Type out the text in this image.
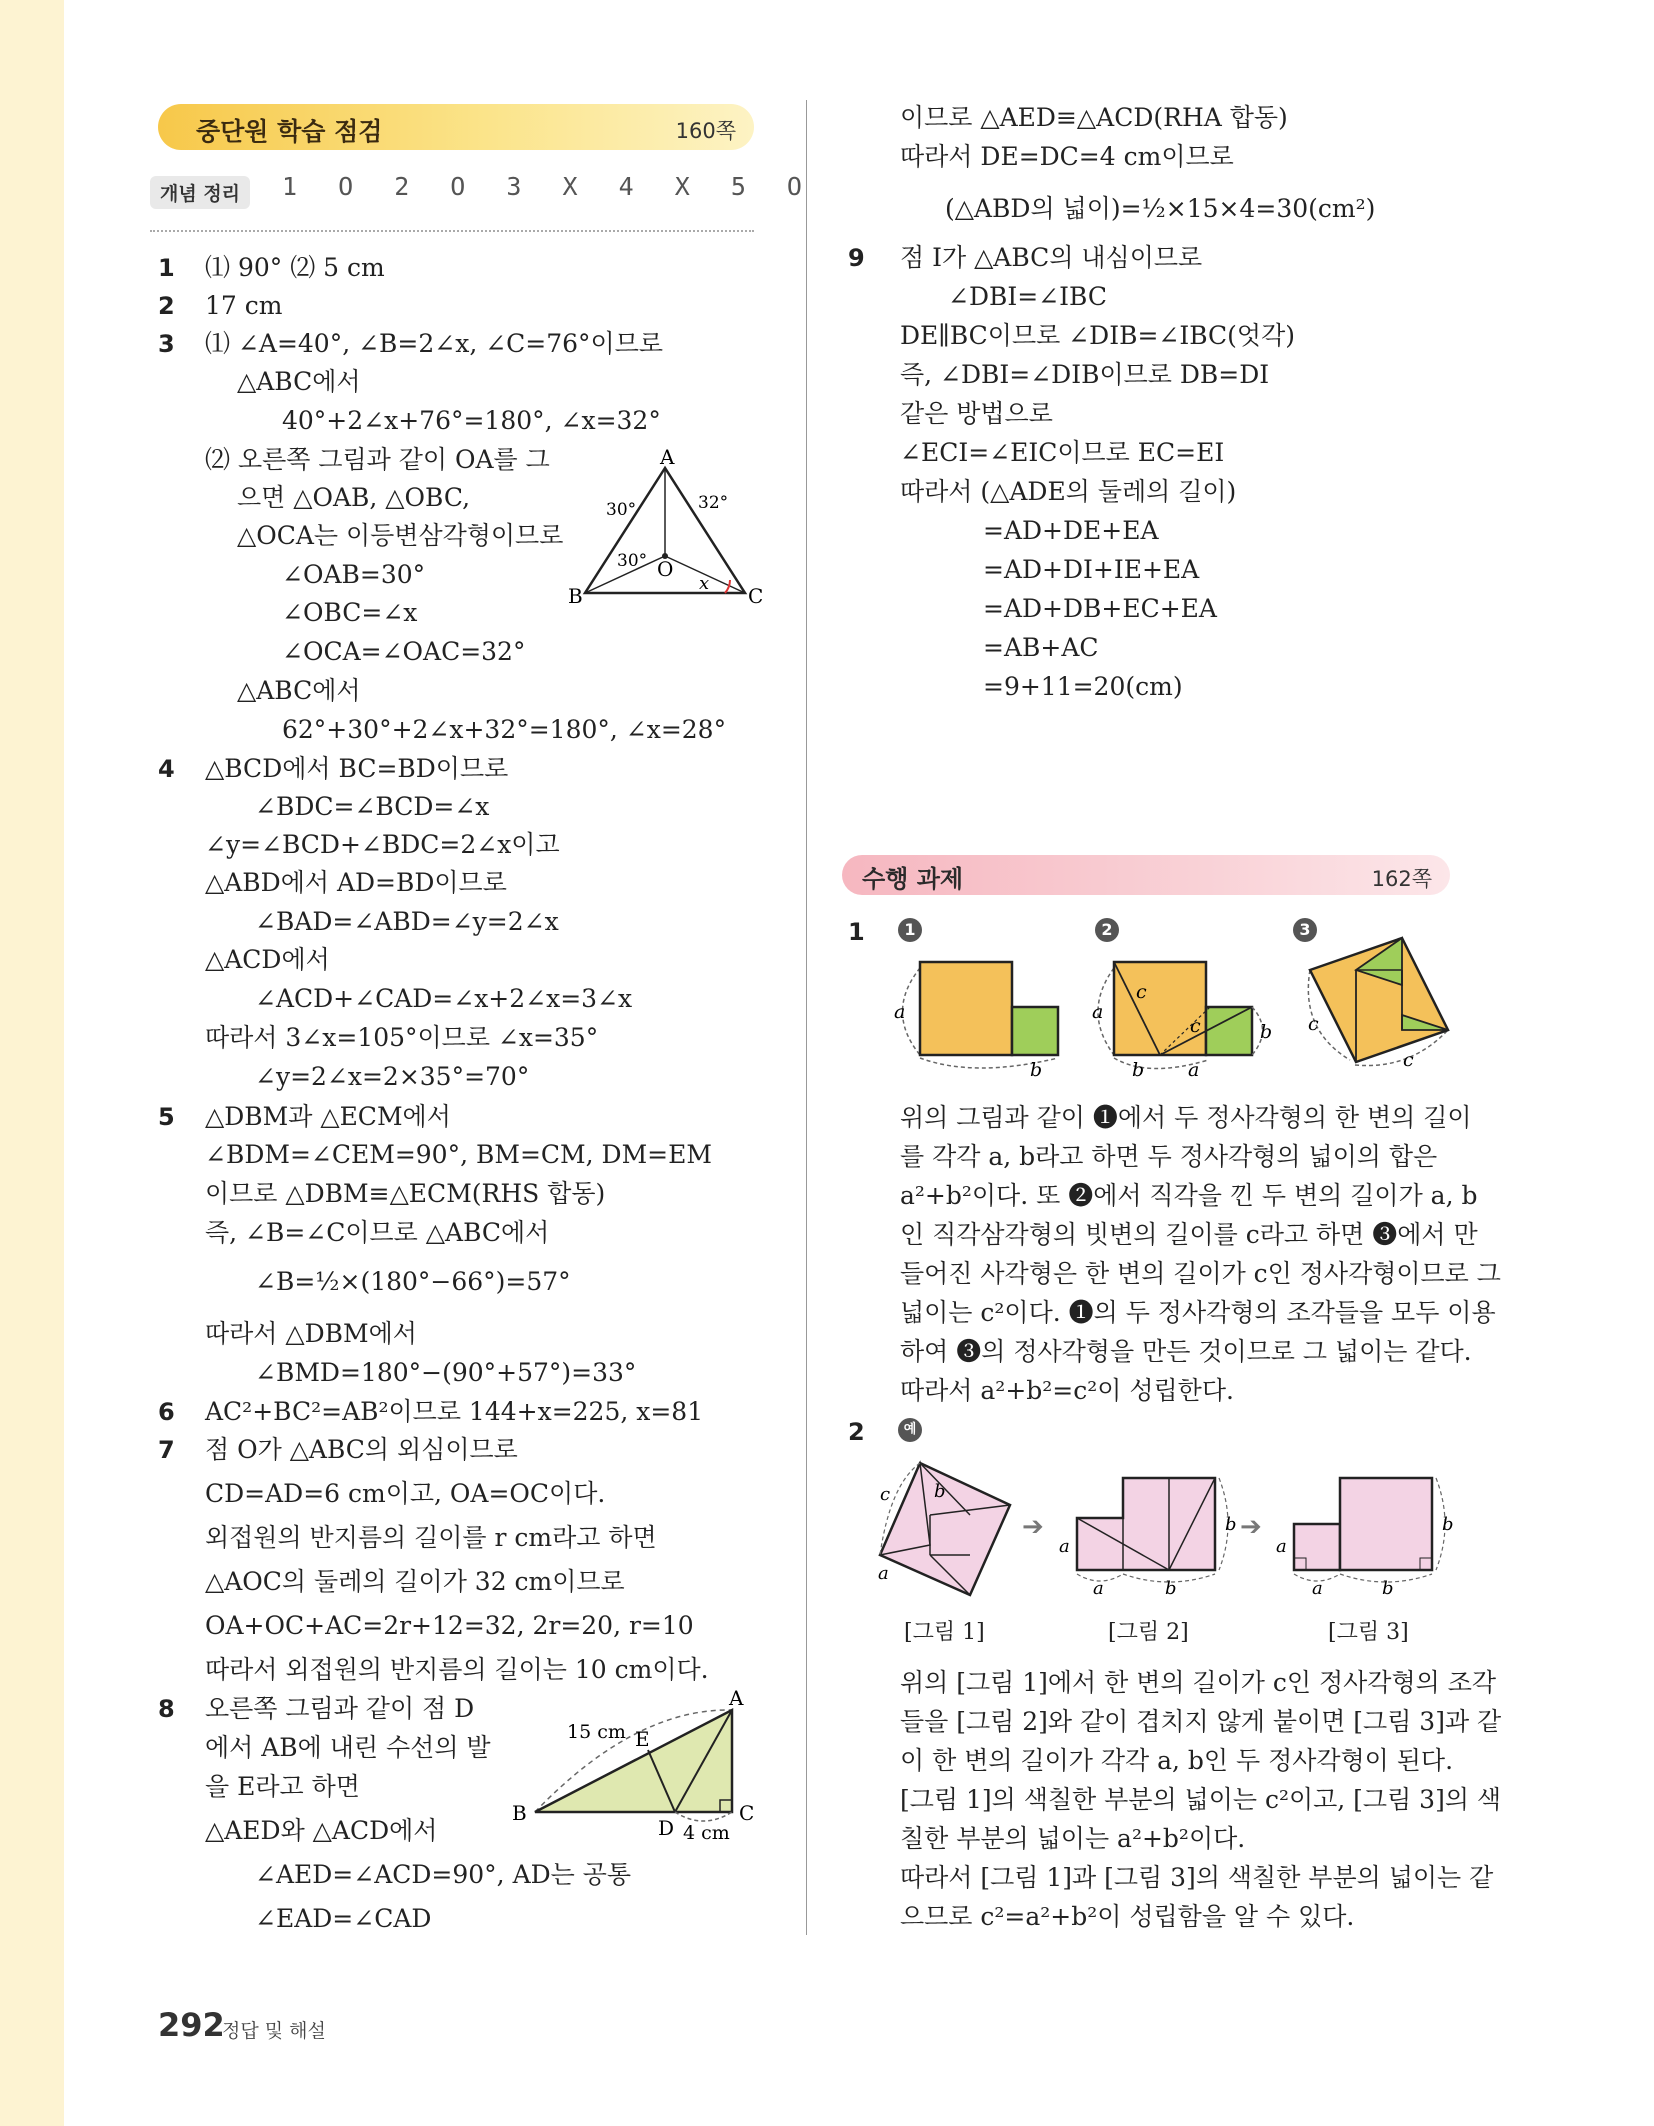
중단원 학습 점검	160쪽
개념 정리	1 O 2 O 3 X 4 X 5 O
1
2
3
4
5
6
7
8
⑴ 90° ⑵ 5 cm
17 cm
⑴ ∠A=40°, ∠B=2∠x, ∠C=76°이므로
△ABC에서
40°+2∠x+76°=180°, ∠x=32°
⑵ 오른쪽 그림과 같이 OA를 그
으면 △OAB, △OBC,
△OCA는 이등변삼각형이므로
∠OAB=30°
∠OBC=∠x
∠OCA=∠OAC=32°
△ABC에서
62°+30°+2∠x+32°=180°, ∠x=28°
△BCD에서 BC=BD이므로
∠BDC=∠BCD=∠x
∠y=∠BCD+∠BDC=2∠x이고
△ABD에서 AD=BD이므로
∠BAD=∠ABD=∠y=2∠x
△ACD에서
∠ACD+∠CAD=∠x+2∠x=3∠x
따라서 3∠x=105°이므로 ∠x=35°
∠y=2∠x=2×35°=70°
△DBM과 △ECM에서
∠BDM=∠CEM=90°, BM=CM, DM=EM
이므로 △DBM≡△ECM(RHS 합동)
즉, ∠B=∠C이므로 △ABC에서
∠B=½×(180°−66°)=57°
따라서 △DBM에서
∠BMD=180°−(90°+57°)=33°
AC²+BC²=AB²이므로 144+x=225, x=81
점 O가 △ABC의 외심이므로
CD=AD=6 cm이고, OA=OC이다.
외접원의 반지름의 길이를 r cm라고 하면
△AOC의 둘레의 길이가 32 cm이므로
OA+OC+AC=2r+12=32, 2r=20, r=10
따라서 외접원의 반지름의 길이는 10 cm이다.
오른쪽 그림과 같이 점 D
에서 AB에 내린 수선의 발
을 E라고 하면
△AED와 △ACD에서
∠AED=∠ACD=90°, AD는 공통
∠EAD=∠CAD
A
B	C
O
30°	32°
30°
x
A
B	C
D
E
15 cm
4 cm
이므로 △AED≡△ACD(RHA 합동)
따라서 DE=DC=4 cm이므로
(△ABD의 넓이)=½×15×4=30(cm²)
9 점 I가 △ABC의 내심이므로
∠DBI=∠IBC
DE∥BC이므로 ∠DIB=∠IBC(엇각)
즉, ∠DBI=∠DIB이므로 DB=DI
같은 방법으로
∠ECI=∠EIC이므로 EC=EI
따라서 (△ADE의 둘레의 길이)
=AD+DE+EA
=AD+DI+IE+EA
=AD+DB+EC+EA
=AB+AC
=9+11=20(cm)
수행 과제	162쪽
1	1	2	3
a
b
a
c
c
b a
b c
c
위의 그림과 같이 ❶에서 두 정사각형의 한 변의 길이
를 각각 a, b라고 하면 두 정사각형의 넓이의 합은
a²+b²이다. 또 ❷에서 직각을 낀 두 변의 길이가 a, b
인 직각삼각형의 빗변의 길이를 c라고 하면 ❸에서 만
들어진 사각형은 한 변의 길이가 c인 정사각형이므로 그
넓이는 c²이다. ❶의 두 정사각형의 조각들을 모두 이용
하여 ❸의 정사각형을 만든 것이므로 그 넓이는 같다.
따라서 a²+b²=c²이 성립한다.
2	예
c b
a
➔
a
a	b
b ➔
a
a	b
b
[그림 1]	[그림 2]	[그림 3]
위의 [그림 1]에서 한 변의 길이가 c인 정사각형의 조각
들을 [그림 2]와 같이 겹치지 않게 붙이면 [그림 3]과 같
이 한 변의 길이가 각각 a, b인 두 정사각형이 된다.
[그림 1]의 색칠한 부분의 넓이는 c²이고, [그림 3]의 색
칠한 부분의 넓이는 a²+b²이다.
따라서 [그림 1]과 [그림 3]의 색칠한 부분의 넓이는 같
으므로 c²=a²+b²이 성립함을 알 수 있다.
292
정답 및 해설
